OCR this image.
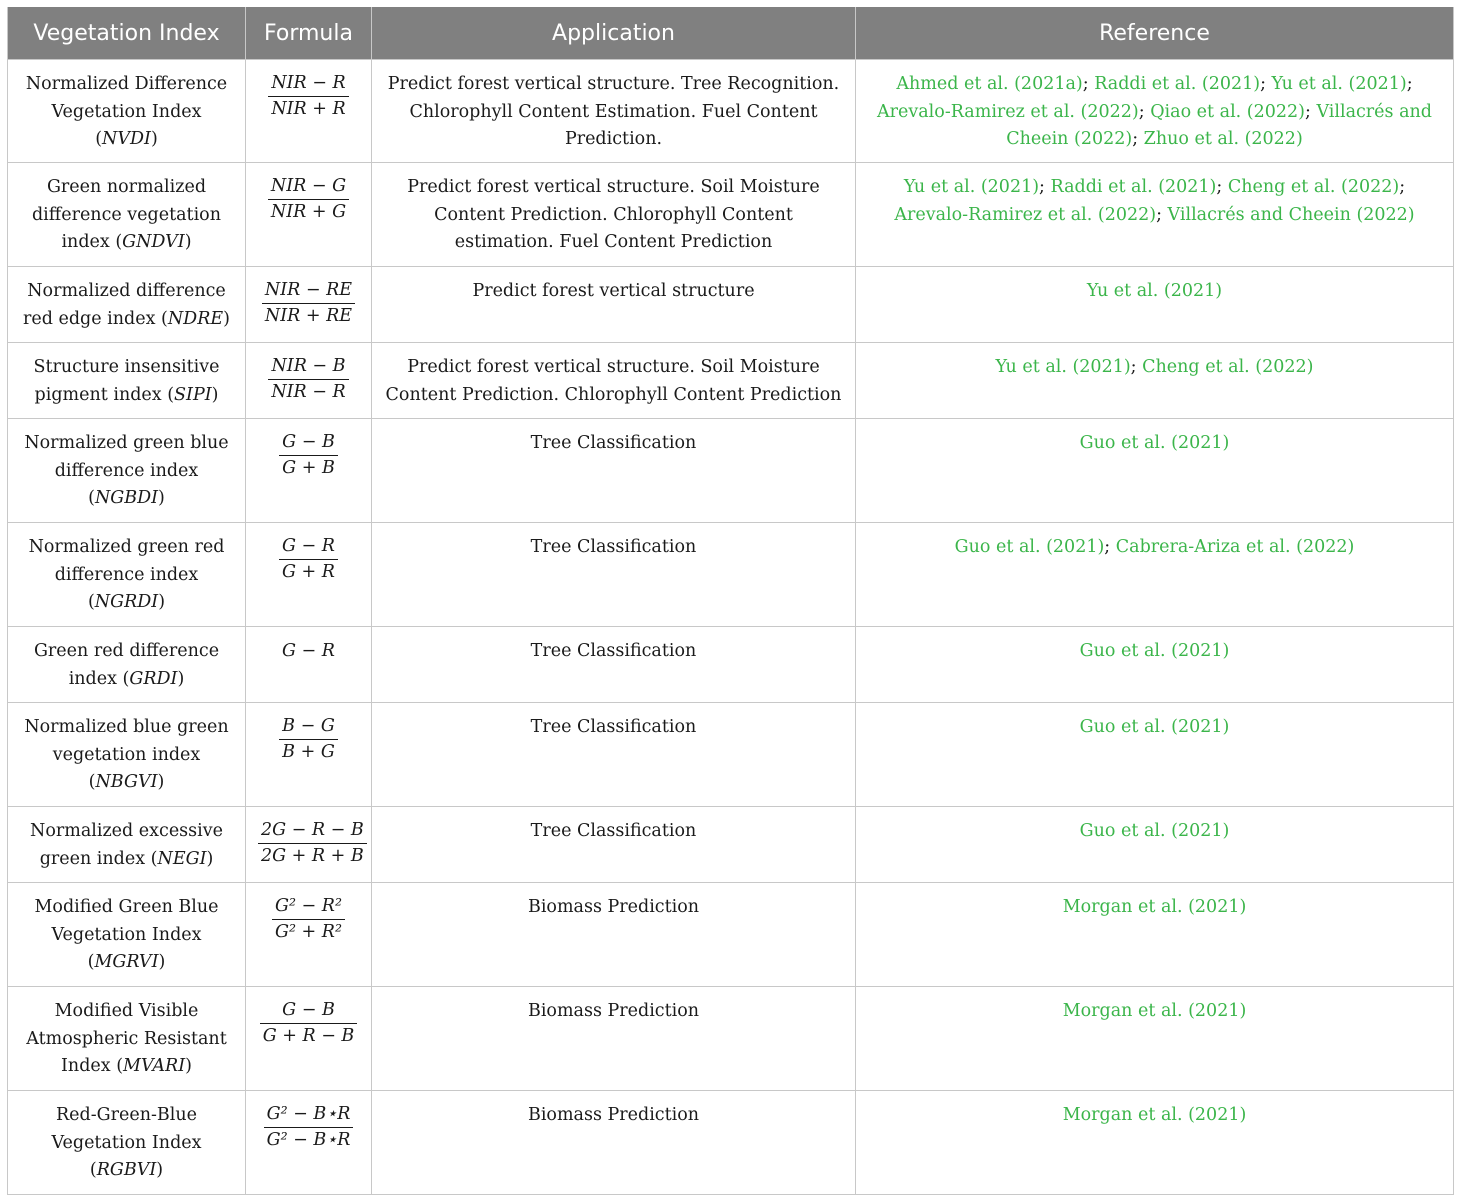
Vegetation Index	Formula	Application	Reference
Normalized Difference Vegetation Index (NVDI)	$\frac{\text{NIR − R}}{\text{NIR + R}}$	Predict forest vertical structure. Tree Recognition. Chlorophyll Content Estimation. Fuel Content Prediction.	Ahmed et al. (2021a); Raddi et al. (2021); Yu et al. (2021); Arevalo-Ramirez et al. (2022); Qiao et al. (2022); Villacrés and Cheein (2022); Zhuo et al. (2022)
Green normalized difference vegetation index (GNDVI)	$\frac{\text{NIR − G}}{\text{NIR + G}}$	Predict forest vertical structure. Soil Moisture Content Prediction. Chlorophyll Content estimation. Fuel Content Prediction	Yu et al. (2021); Raddi et al. (2021); Cheng et al. (2022); Arevalo-Ramirez et al. (2022); Villacrés and Cheein (2022)
Normalized difference red edge index (NDRE)	$\frac{\text{NIR − RE}}{\text{NIR + RE}}$	Predict forest vertical structure	Yu et al. (2021)
Structure insensitive pigment index (SIPI)	$\frac{\text{NIR − B}}{\text{NIR − R}}$	Predict forest vertical structure. Soil Moisture Content Prediction. Chlorophyll Content Prediction	Yu et al. (2021); Cheng et al. (2022)
Normalized green blue difference index (NGBDI)	$\frac{G - B}{G + B}$	Tree Classification	Guo et al. (2021)
Normalized green red difference index (NGRDI)	$\frac{G - R}{G + R}$	Tree Classification	Guo et al. (2021); Cabrera-Ariza et al. (2022)
Green red difference index (GRDI)	G − R	Tree Classification	Guo et al. (2021)
Normalized blue green vegetation index (NBGVI)	$\frac{B - G}{B + G}$	Tree Classification	Guo et al. (2021)
Normalized excessive green index (NEGI)	$\frac{2G - R - B}{2G + R + B}$	Tree Classification	Guo et al. (2021)
Modified Green Blue Vegetation Index (MGRVI)	$\frac{\text{G² − R²}}{\text{G² + R²}}$	Biomass Prediction	Morgan et al. (2021)
Modified Visible Atmospheric Resistant Index (MVARI)	$\frac{G - B}{G + R - B}$	Biomass Prediction	Morgan et al. (2021)
Red-Green-Blue Vegetation Index (RGBVI)	$\frac{\text{G² − B⋆R}}{\text{G² − B⋆R}}$	Biomass Prediction	Morgan et al. (2021)
